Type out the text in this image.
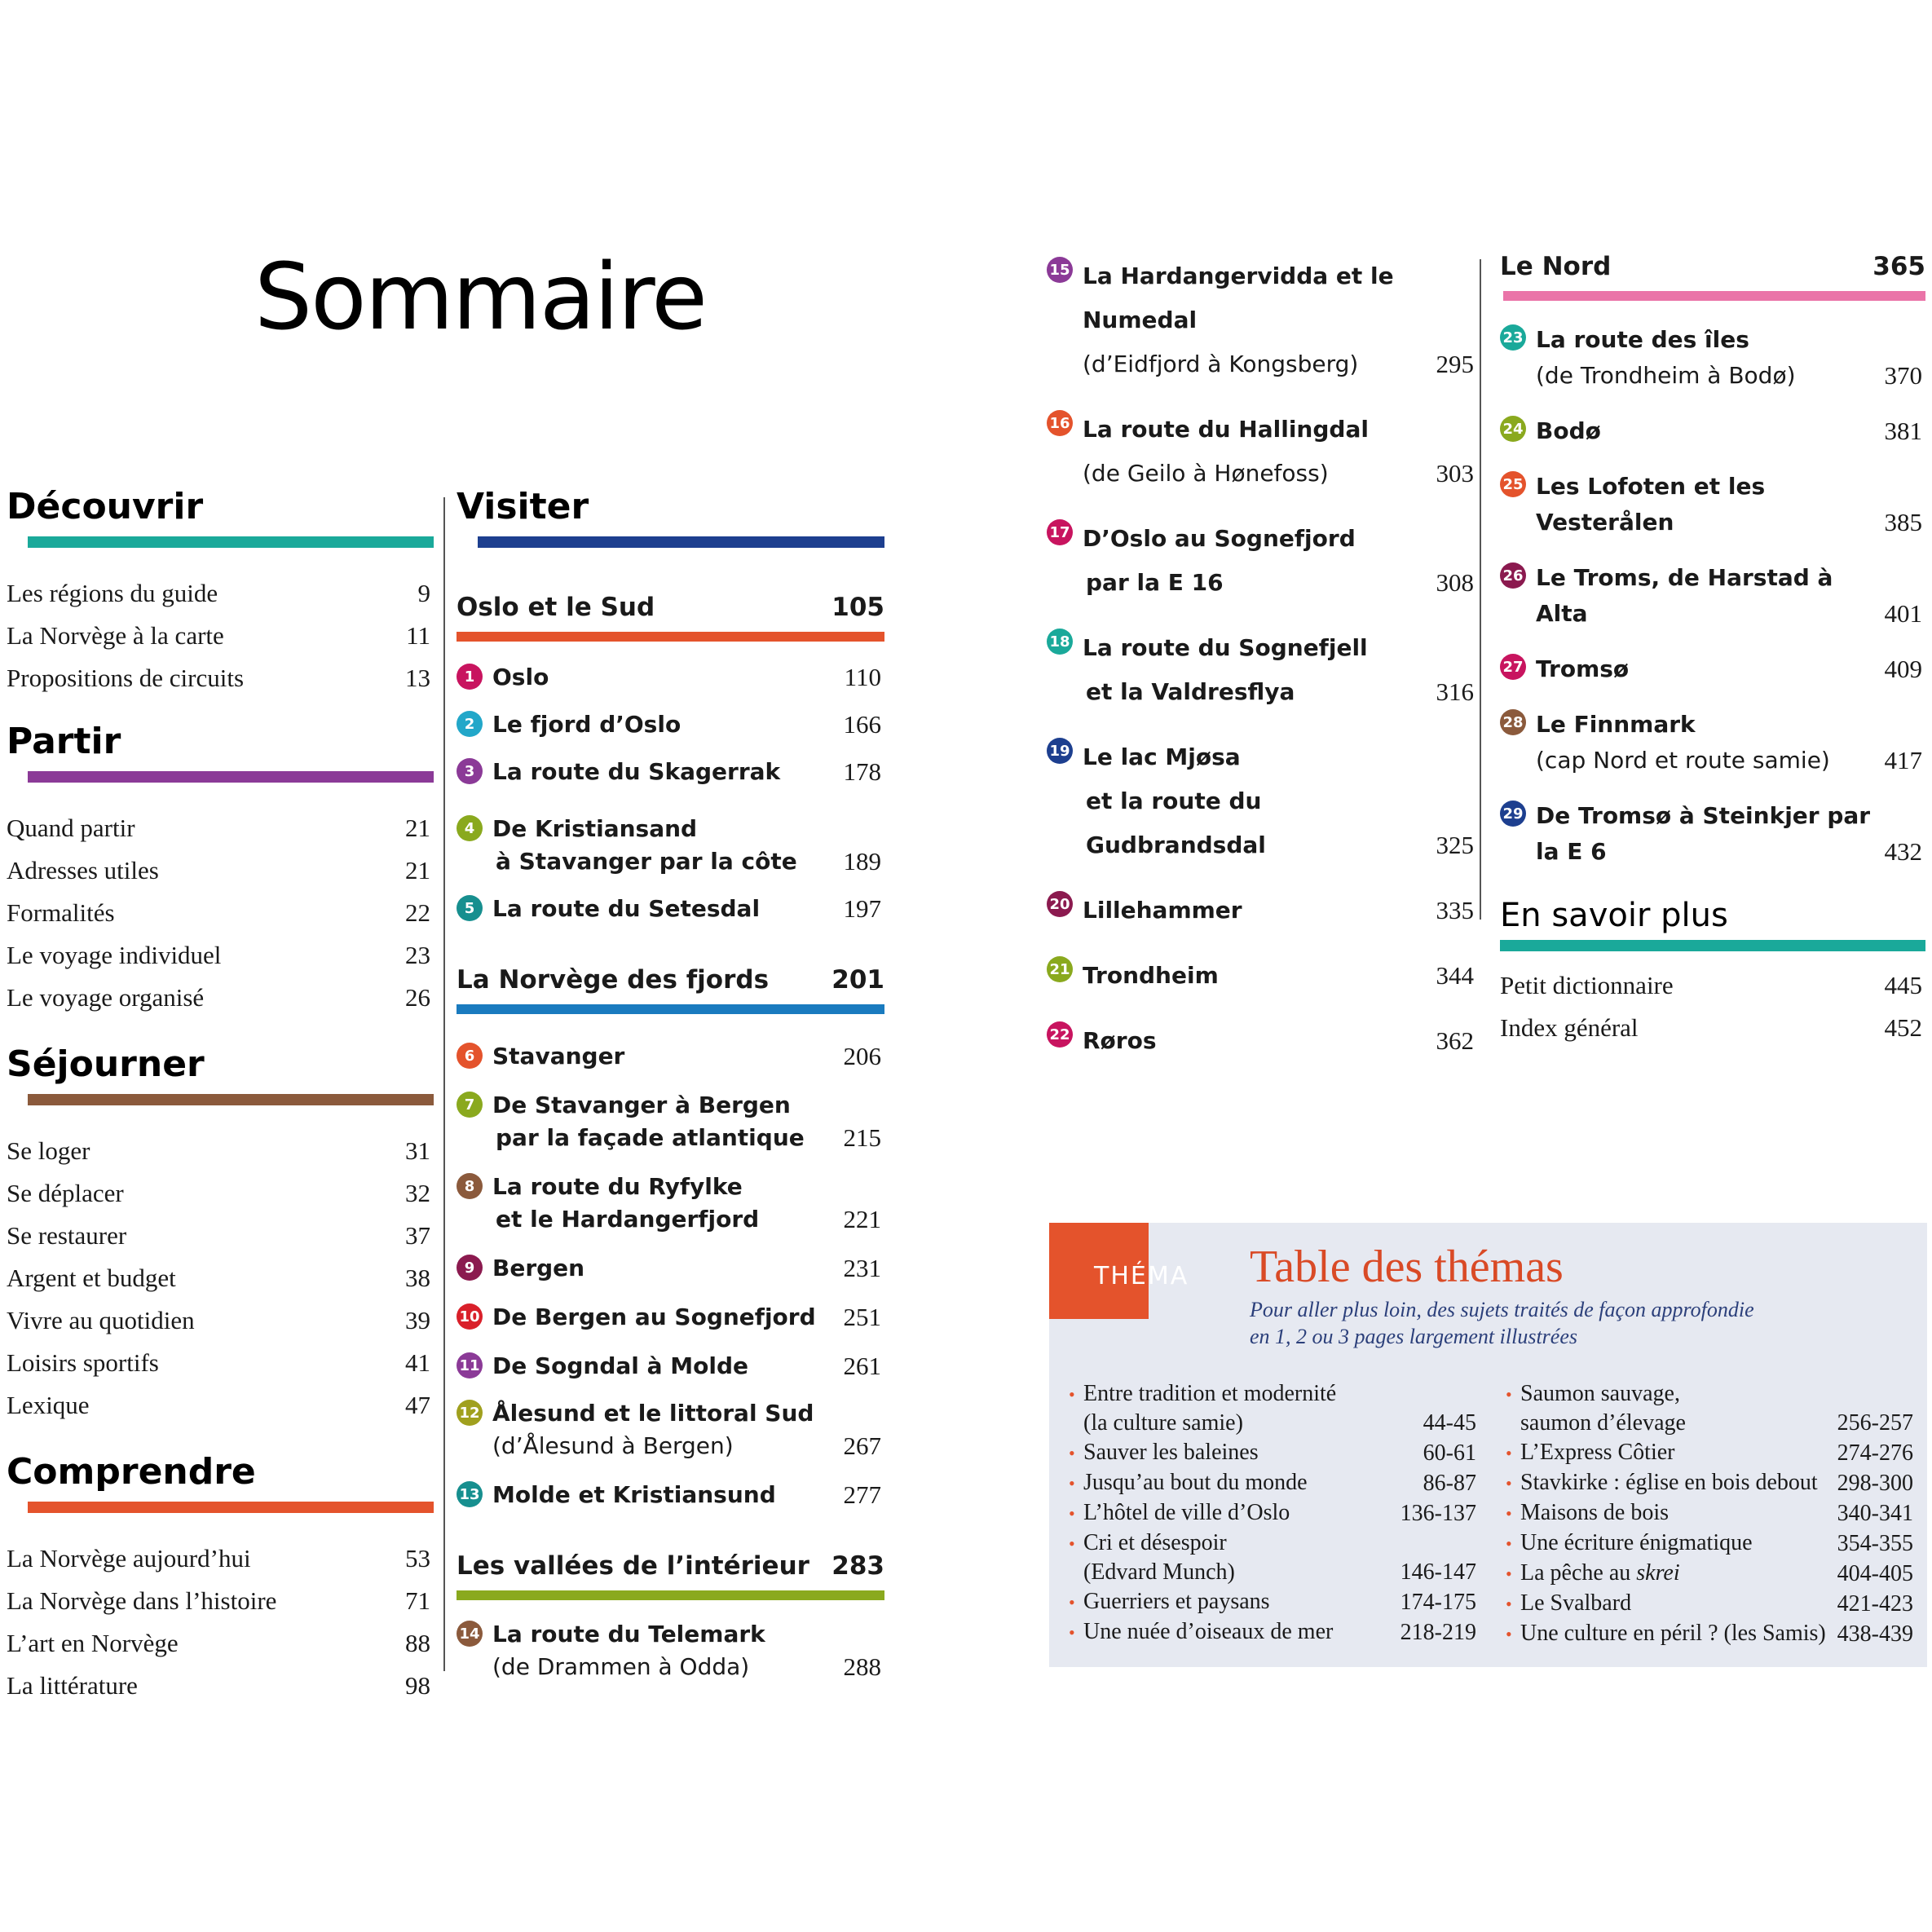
Sommaire
Découvrir
Les régions du guide	9
La Norvège à la carte	11
Propositions de circuits	13
Partir
Quand partir	21
Adresses utiles	21
Formalités	22
Le voyage individuel	23
Le voyage organisé	26
Séjourner
Se loger	31
Se déplacer	32
Se restaurer	37
Argent et budget	38
Vivre au quotidien	39
Loisirs sportifs	41
Lexique	47
Comprendre
La Norvège aujourd’hui	53
La Norvège dans l’histoire	71
L’art en Norvège	88
La littérature	98
Visiter
Oslo et le Sud	105
1 Oslo	110
2 Le fjord d’Oslo	166
3 La route du Skagerrak	178
4 De Kristiansand
à Stavanger par la côte	189
5 La route du Setesdal	197
La Norvège des fjords 201
6 Stavanger	206
7 De Stavanger à Bergen
par la façade atlantique	215
8 La route du Ryfylke
et le Hardangerfjord	221
9 Bergen	231
10 De Bergen au Sognefjord	251
11 De Sogndal à Molde	261
12 Ålesund et le littoral Sud
(d’Ålesund à Bergen)	267
13 Molde et Kristiansund	277
Les vallées de l’intérieur 283
14 La route du Telemark
(de Drammen à Odda)	288
15 La Hardangervidda et le Numedal
(d’Eidfjord à Kongsberg)	295
16 La route du Hallingdal
(de Geilo à Hønefoss)	303
17 D’Oslo au Sognefjord
par la E 16	308
18 La route du Sognefjell
et la Valdresflya	316
19 Le lac Mjøsa
et la route du Gudbrandsdal	325
20 Lillehammer	335
21 Trondheim	344
22 Røros	362
Le Nord	365
23 La route des îles
(de Trondheim à Bodø)	370
24 Bodø	381
25 Les Lofoten et les Vesterålen	385
26 Le Troms, de Harstad à Alta	401
27 Tromsø	409
28 Le Finnmark
(cap Nord et route samie)	417
29 De Tromsø à Steinkjer par la E 6	432
En savoir plus
Petit dictionnaire	445
Index général	452
THÉMA Table des thémas
Pour aller plus loin, des sujets traités de façon approfondie
en 1, 2 ou 3 pages largement illustrées
• Entre tradition et modernité
(la culture samie)	44-45
• Sauver les baleines	60-61
• Jusqu’au bout du monde	86-87
• L’hôtel de ville d’Oslo	136-137
• Cri et désespoir
(Edvard Munch)	146-147
• Guerriers et paysans	174-175
• Une nuée d’oiseaux de mer	218-219
• Saumon sauvage,
saumon d’élevage	256-257
• L’Express Côtier	274-276
• Stavkirke : église en bois debout 298-300
• Maisons de bois	340-341
• Une écriture énigmatique	354-355
• La pêche au skrei	404-405
• Le Svalbard	421-423
• Une culture en péril ? (les Samis) 438-439
